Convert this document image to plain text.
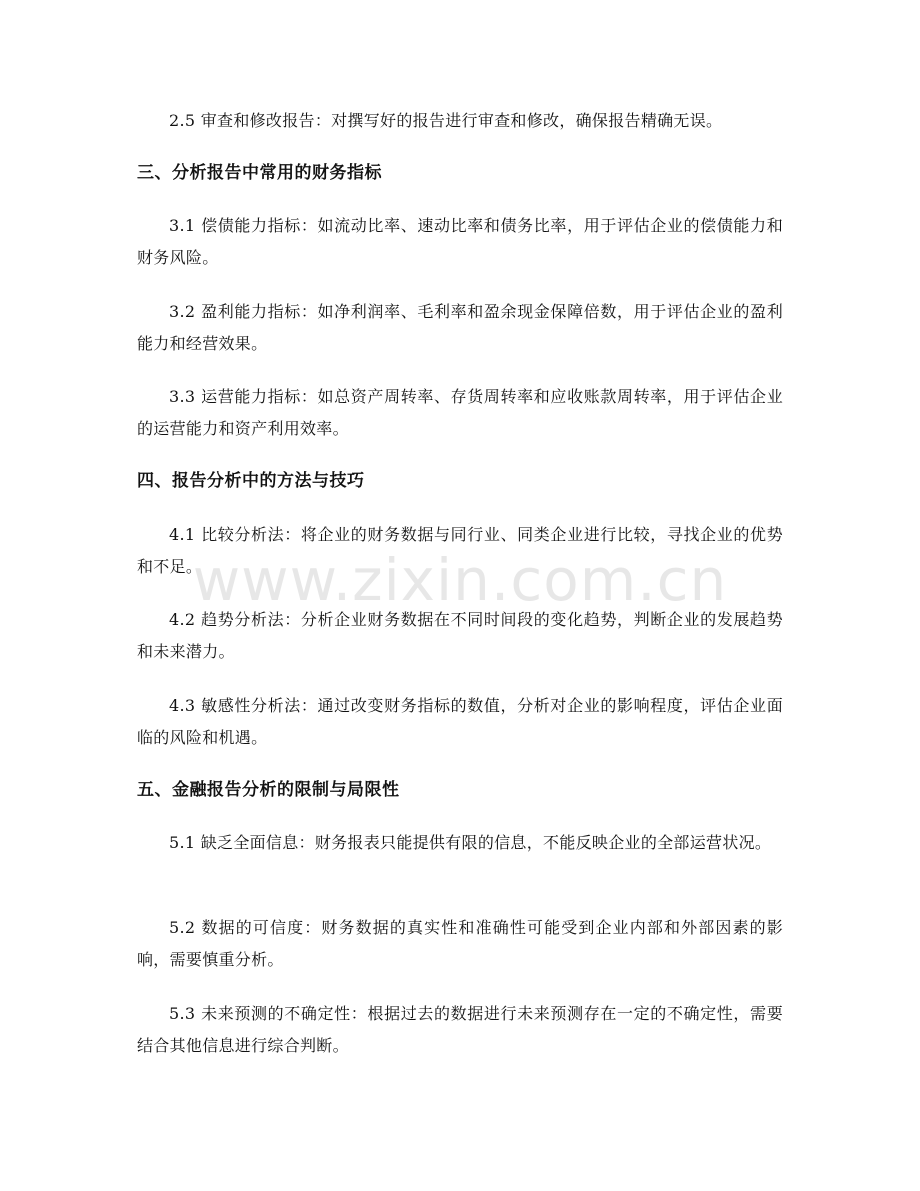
2.5 审查和修改报告：对撰写好的报告进行审查和修改，确保报告精确无误。

三、分析报告中常用的财务指标

3.1 偿债能力指标：如流动比率、速动比率和债务比率，用于评估企业的偿债能力和财务风险。

3.2 盈利能力指标：如净利润率、毛利率和盈余现金保障倍数，用于评估企业的盈利能力和经营效果。

3.3 运营能力指标：如总资产周转率、存货周转率和应收账款周转率，用于评估企业的运营能力和资产利用效率。

四、报告分析中的方法与技巧

4.1 比较分析法：将企业的财务数据与同行业、同类企业进行比较，寻找企业的优势和不足。

4.2 趋势分析法：分析企业财务数据在不同时间段的变化趋势，判断企业的发展趋势和未来潜力。

4.3 敏感性分析法：通过改变财务指标的数值，分析对企业的影响程度，评估企业面临的风险和机遇。

五、金融报告分析的限制与局限性

5.1 缺乏全面信息：财务报表只能提供有限的信息，不能反映企业的全部运营状况。

5.2 数据的可信度：财务数据的真实性和准确性可能受到企业内部和外部因素的影响，需要慎重分析。

5.3 未来预测的不确定性：根据过去的数据进行未来预测存在一定的不确定性，需要结合其他信息进行综合判断。

www.zixin.com.cn
